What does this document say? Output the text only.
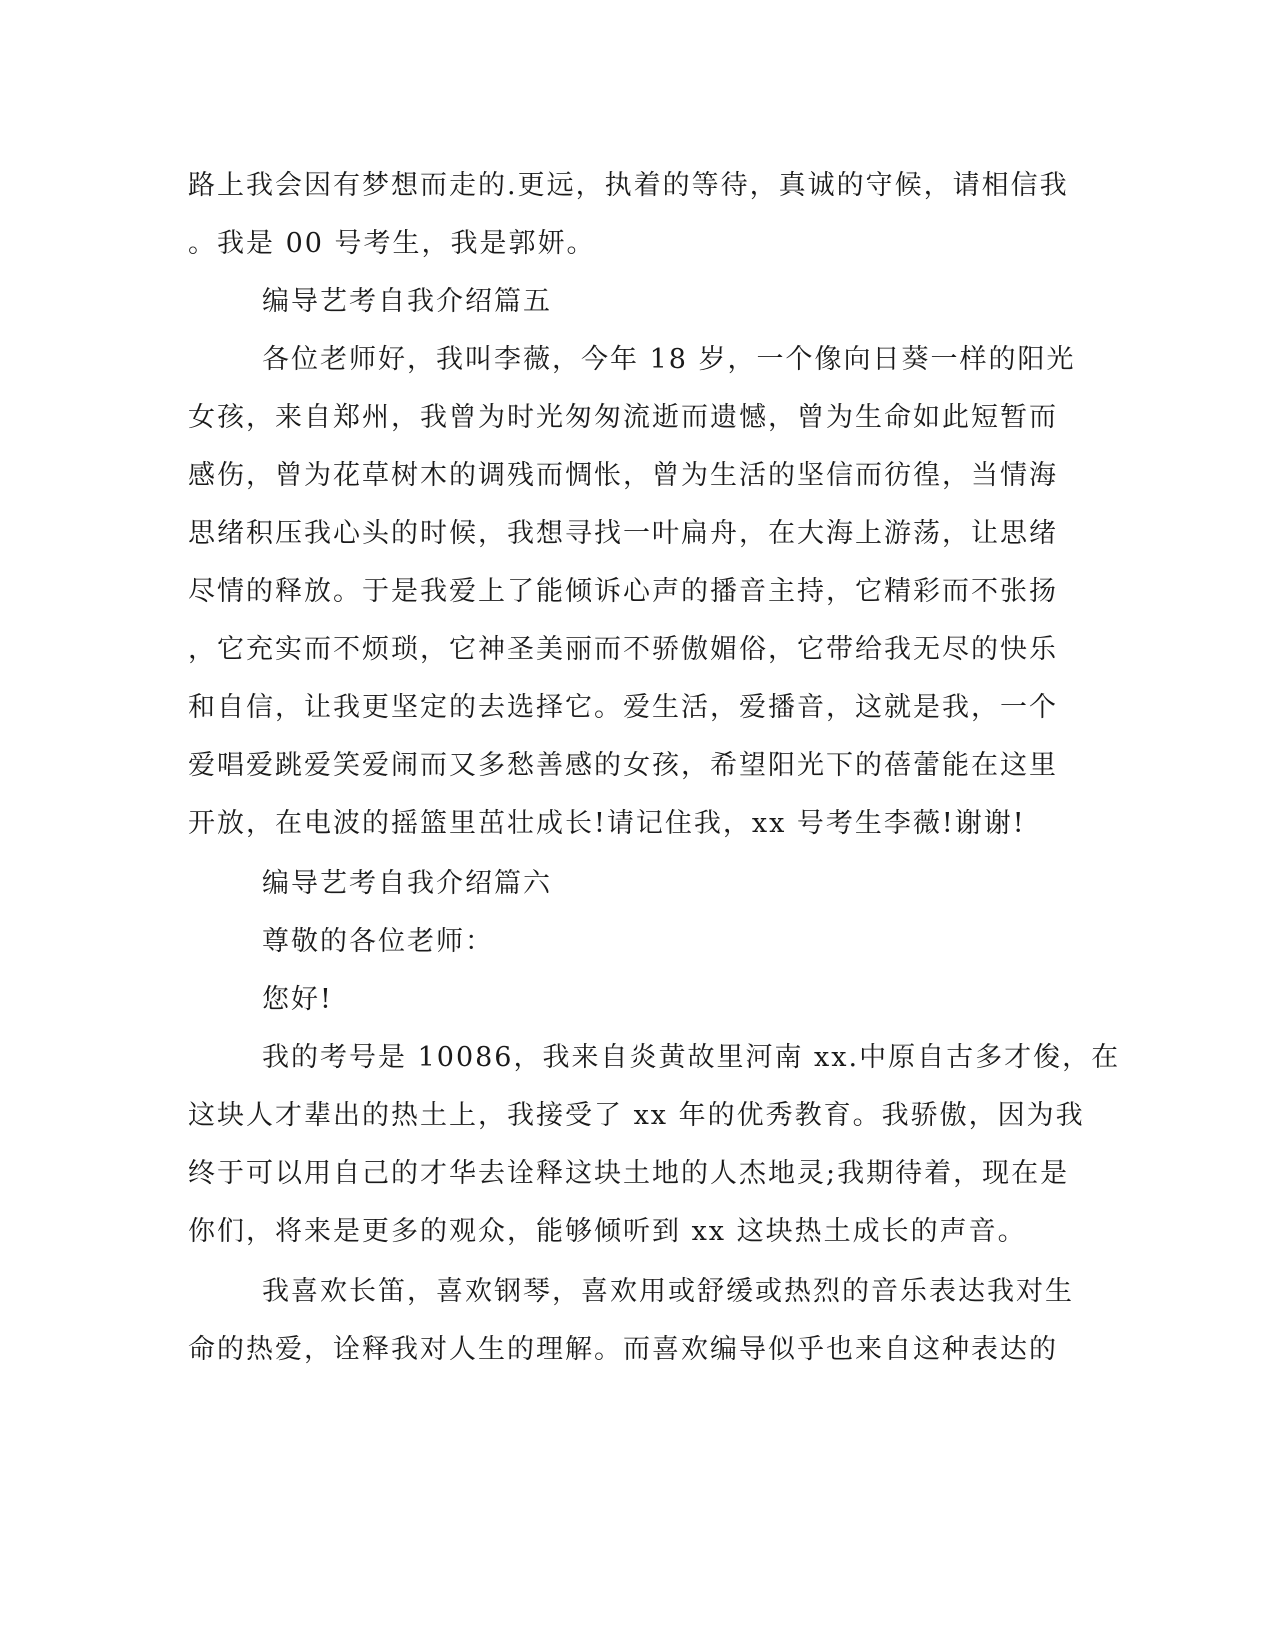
路上我会因有梦想而走的.更远，执着的等待，真诚的守候，请相信我
。我是 00 号考生，我是郭妍。
编导艺考自我介绍篇五
各位老师好，我叫李薇，今年 18 岁，一个像向日葵一样的阳光
女孩，来自郑州，我曾为时光匆匆流逝而遗憾，曾为生命如此短暂而
感伤，曾为花草树木的调残而惆怅，曾为生活的坚信而彷徨，当情海
思绪积压我心头的时候，我想寻找一叶扁舟，在大海上游荡，让思绪
尽情的释放。于是我爱上了能倾诉心声的播音主持，它精彩而不张扬
，它充实而不烦琐，它神圣美丽而不骄傲媚俗，它带给我无尽的快乐
和自信，让我更坚定的去选择它。爱生活，爱播音，这就是我，一个
爱唱爱跳爱笑爱闹而又多愁善感的女孩，希望阳光下的蓓蕾能在这里
开放，在电波的摇篮里茁壮成长!请记住我，xx 号考生李薇!谢谢!
编导艺考自我介绍篇六
尊敬的各位老师：
您好!
我的考号是 10086，我来自炎黄故里河南 xx.中原自古多才俊，在
这块人才辈出的热土上，我接受了 xx 年的优秀教育。我骄傲，因为我
终于可以用自己的才华去诠释这块土地的人杰地灵;我期待着，现在是
你们，将来是更多的观众，能够倾听到 xx 这块热土成长的声音。
我喜欢长笛，喜欢钢琴，喜欢用或舒缓或热烈的音乐表达我对生
命的热爱，诠释我对人生的理解。而喜欢编导似乎也来自这种表达的
